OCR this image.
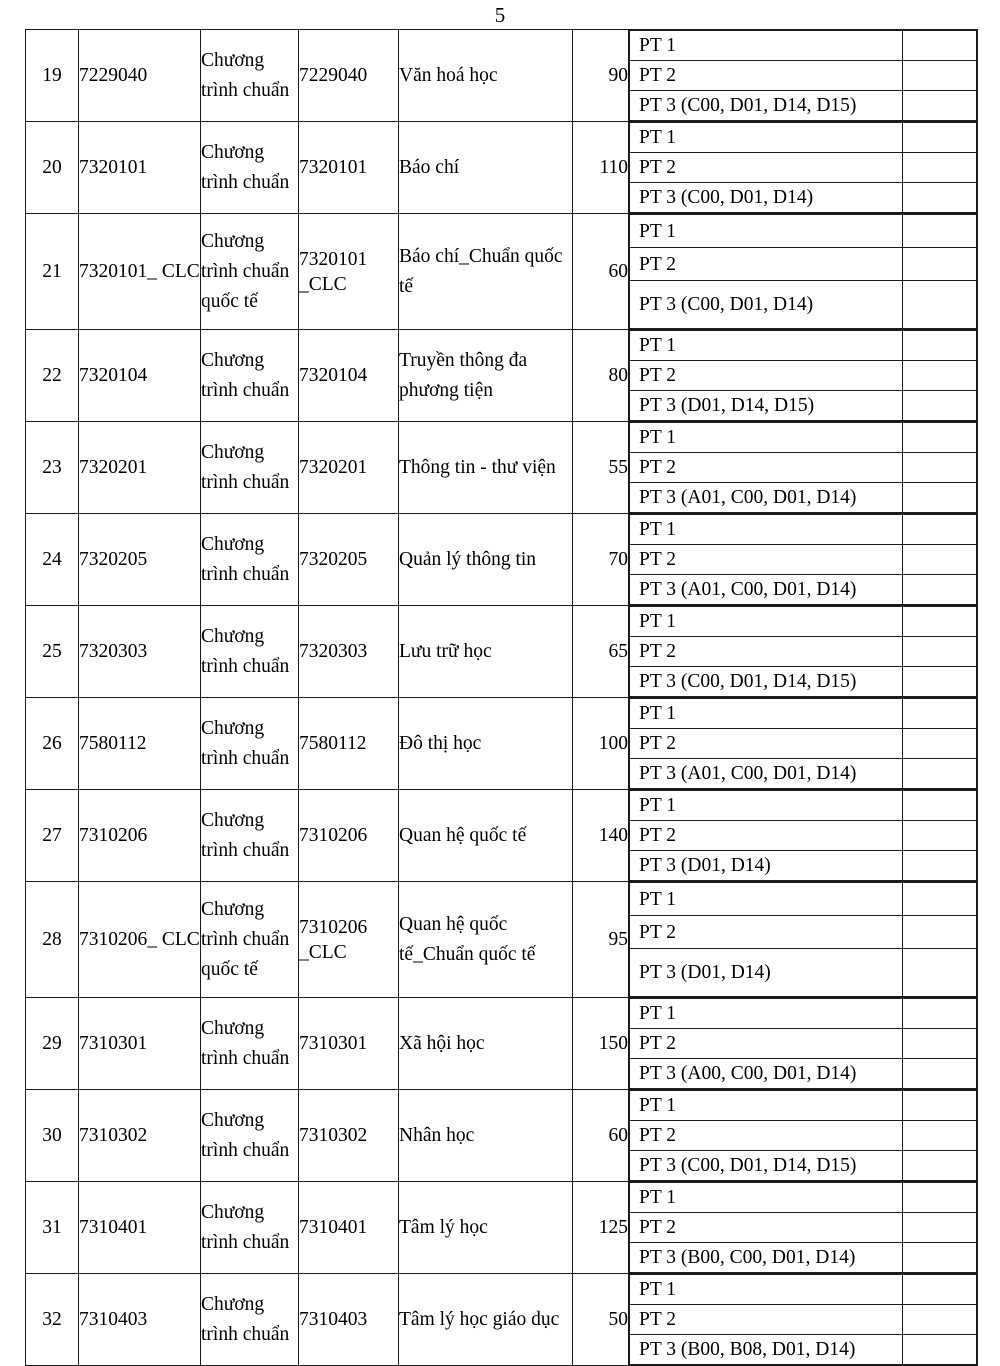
5
19	7229040	Chương trình chuẩn	7229040	Văn hoá học	90	
PT 1	
PT 2	
PT 3 (C00, D01, D14, D15)	

20	7320101	Chương trình chuẩn	7320101	Báo chí	110	
PT 1	
PT 2	
PT 3 (C00, D01, D14)	

21	7320101_ CLC	Chương trình chuẩn quốc tế	7320101 _CLC	Báo chí_Chuẩn quốc tế	60	
PT 1	
PT 2	
PT 3 (C00, D01, D14)	

22	7320104	Chương trình chuẩn	7320104	Truyền thông đa phương tiện	80	
PT 1	
PT 2	
PT 3 (D01, D14, D15)	

23	7320201	Chương trình chuẩn	7320201	Thông tin - thư viện	55	
PT 1	
PT 2	
PT 3 (A01, C00, D01, D14)	

24	7320205	Chương trình chuẩn	7320205	Quản lý thông tin	70	
PT 1	
PT 2	
PT 3 (A01, C00, D01, D14)	

25	7320303	Chương trình chuẩn	7320303	Lưu trữ học	65	
PT 1	
PT 2	
PT 3 (C00, D01, D14, D15)	

26	7580112	Chương trình chuẩn	7580112	Đô thị học	100	
PT 1	
PT 2	
PT 3 (A01, C00, D01, D14)	

27	7310206	Chương trình chuẩn	7310206	Quan hệ quốc tế	140	
PT 1	
PT 2	
PT 3 (D01, D14)	

28	7310206_ CLC	Chương trình chuẩn quốc tế	7310206 _CLC	Quan hệ quốc tế_Chuẩn quốc tế	95	
PT 1	
PT 2	
PT 3 (D01, D14)	

29	7310301	Chương trình chuẩn	7310301	Xã hội học	150	
PT 1	
PT 2	
PT 3 (A00, C00, D01, D14)	

30	7310302	Chương trình chuẩn	7310302	Nhân học	60	
PT 1	
PT 2	
PT 3 (C00, D01, D14, D15)	

31	7310401	Chương trình chuẩn	7310401	Tâm lý học	125	
PT 1	
PT 2	
PT 3 (B00, C00, D01, D14)	

32	7310403	Chương trình chuẩn	7310403	Tâm lý học giáo dục	50	
PT 1	
PT 2	
PT 3 (B00, B08, D01, D14)	
